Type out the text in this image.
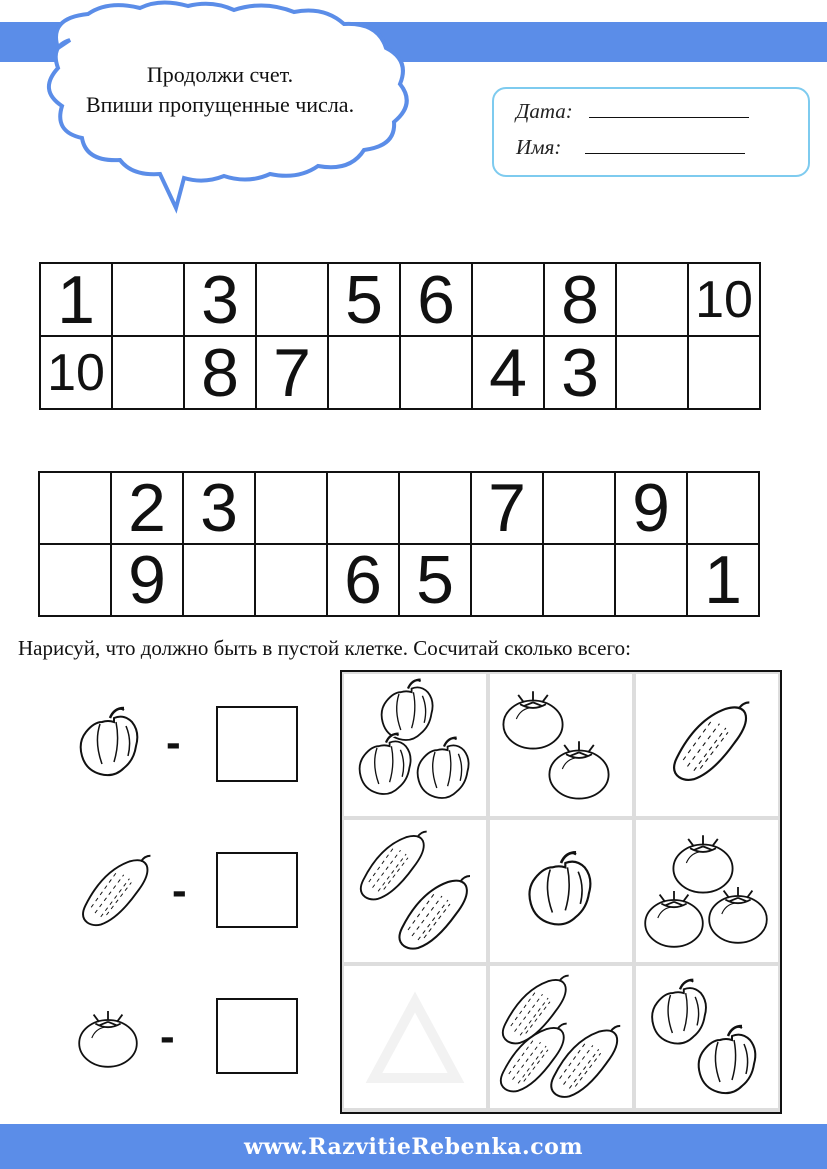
Продолжи счет.
Впиши пропущенные числа.	Дата:
Имя:
1		3		5	6		8		10
10		8	7			4	3		
	2	3				7		9	
	9			6	5				1
Нарисуй, что должно быть в пустой клетке. Сосчитай сколько всего:
-
-
-
www.RazvitieRebenka.com
